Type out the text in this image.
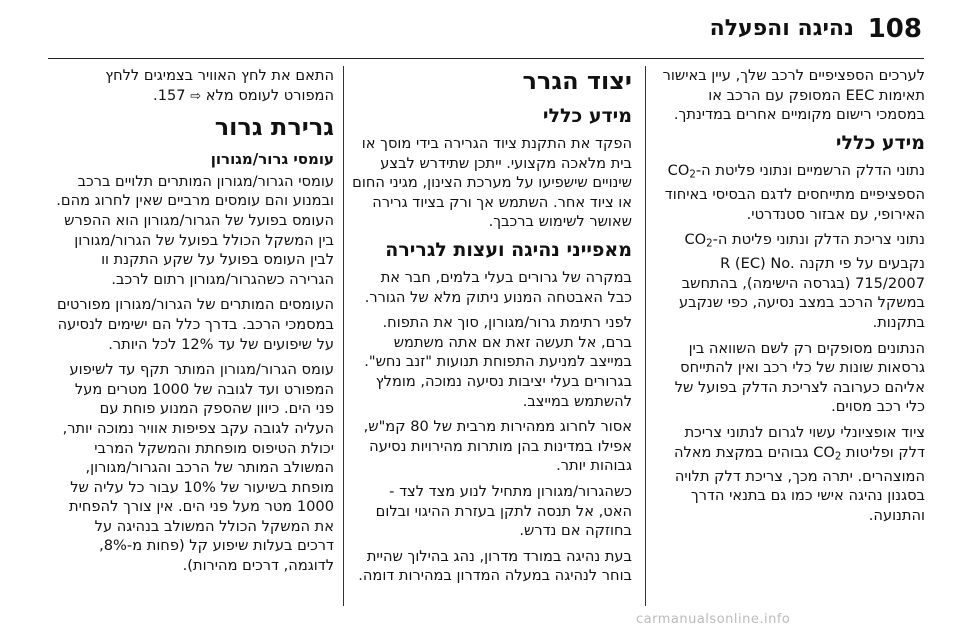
108
נהיגה והפעלה

לערכים הספציפיים לרכב שלך, עיין באישור תאימות EEC המסופק עם הרכב או במסמכי רישום מקומיים אחרים במדינתך.

מידע כללי

נתוני הדלק הרשמיים ונתוני פליטת $ה-CO_2$ הספציפיים מתייחסים לדגם הבסיסי באיחוד האירופי, עם אבזור סטנדרטי.

נתוני צריכת הדלק ונתוני פליטת $ה-CO_2$ נקבעים על פי תקנה R (EC) No. 715/2007 (בגרסה הישימה), בהתחשב במשקל הרכב במצב נסיעה, כפי שנקבע בתקנות.

הנתונים מסופקים רק לשם השוואה בין גרסאות שונות של כלי רכב ואין להתייחס אליהם כערובה לצריכת הדלק בפועל של כלי רכב מסוים.

ציוד אופציונלי עשוי לגרום לנתוני צריכת דלק ופליטות $CO_2$ גבוהים במקצת מאלה המוצהרים. יתרה מכך, צריכת דלק תלויה בסגנון נהיגה אישי כמו גם בתנאי הדרך והתנועה.

יצוד הגרר
מידע כללי

הפקד את התקנת ציוד הגרירה בידי מוסך או בית מלאכה מקצועי. ייתכן שתידרש לבצע שינויים שישפיעו על מערכת הצינון, מגיני החום או ציוד אחר. השתמש אך ורק בציוד גרירה שאושר לשימוש ברכבך.

מאפייני נהיגה ועצות לגרירה

במקרה של גרורים בעלי בלמים, חבר את כבל האבטחה המנוע ניתוק מלא של הגורר.

לפני רתימת גרור/מגורון, סוך את התפוח. ברם, אל תעשה זאת אם אתה משתמש במייצב למניעת התפוחת תנועות "זנב נחש". בגרורים בעלי יציבות נסיעה נמוכה, מומלץ להשתמש במייצב.

אסור לחרוג ממהירות מרבית של 80 קמ"ש, אפילו במדינות בהן מותרות מהירויות נסיעה גבוהות יותר.

כשהגרור/מגורון מתחיל לנוע מצד לצד - האט, אל תנסה לתקן בעזרת ההיגוי ובלום בחוזקה אם נדרש.

בעת נהיגה במורד מדרון, נהג בהילוך שהיית בוחר לנהיגה במעלה המדרון במהירות דומה.

התאם את לחץ האוויר בצמיגים ללחץ המפורט לעומס מלא ⇨ 157.

גרירת גרור
עומסי גרור/מגורון

עומסי הגרור/מגורון המותרים תלויים ברכב ובמנוע והם עומסים מרביים שאין לחרוג מהם. העומס בפועל של הגרור/מגורון הוא ההפרש בין המשקל הכולל בפועל של הגרור/מגורון לבין העומס בפועל על שקע התקנת וו הגרירה כשהגרור/מגורון רתום לרכב.

העומסים המותרים של הגרור/מגורון מפורטים במסמכי הרכב. בדרך כלל הם ישימים לנסיעה על שיפועים של עד 12% לכל היותר.

עומס הגרור/מגורון המותר תקף עד לשיפוע המפורט ועד לגובה של 1000 מטרים מעל פני הים. כיוון שהספק המנוע פוחת עם העליה לגובה עקב צפיפות אוויר נמוכה יותר, יכולת הטיפוס מופחתת והמשקל המרבי המשולב המותר של הרכב והגרור/מגורון, מופחת בשיעור של 10% עבור כל עליה של 1000 מטר מעל פני הים. אין צורך להפחית את המשקל הכולל המשולב בנהיגה על דרכים בעלות שיפוע קל (פחות מ-8%, לדוגמה, דרכים מהירות).

carmanualsonline.info
